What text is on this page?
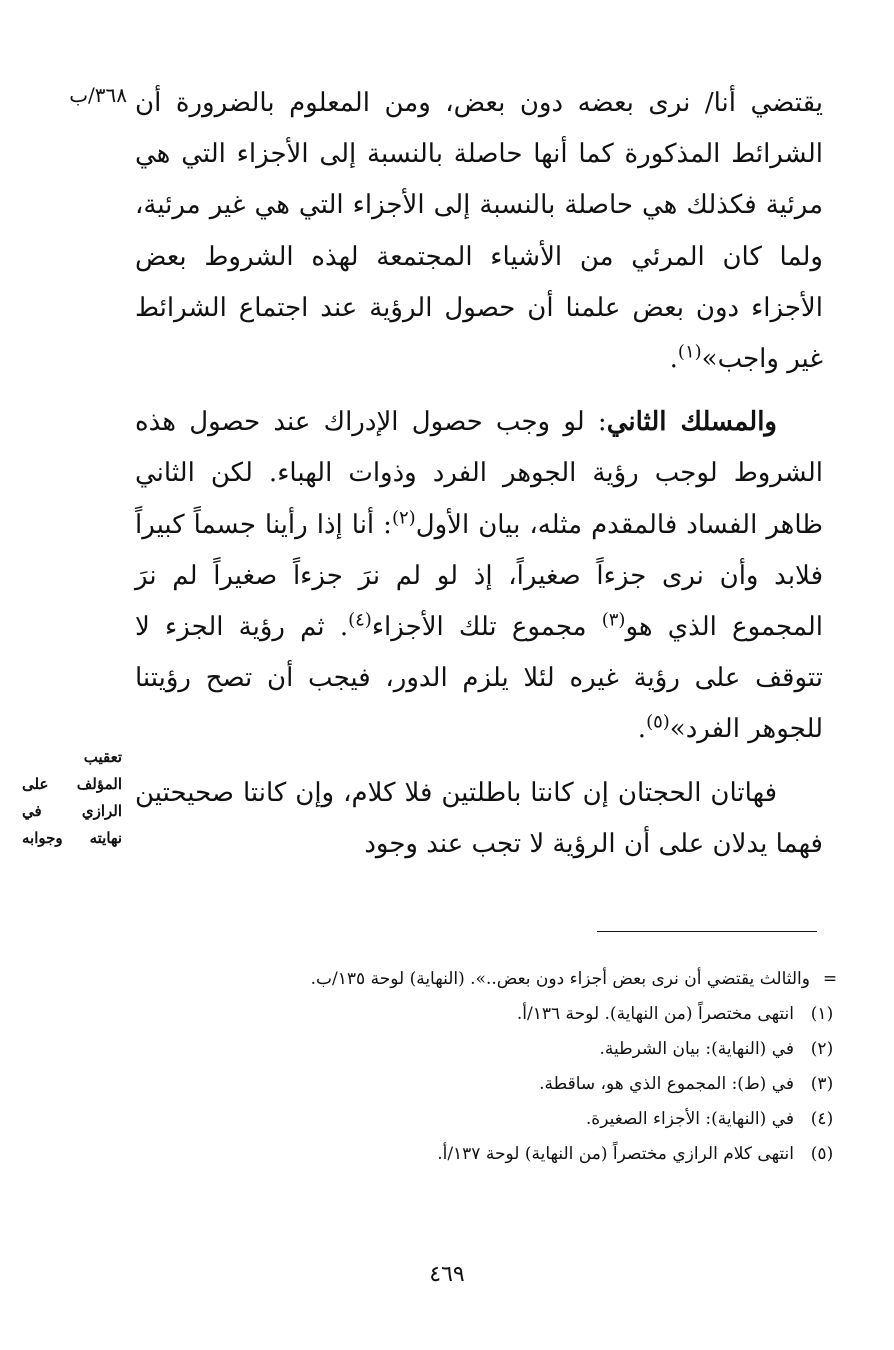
٣٦٨/ب يقتضي أنا/ نرى بعضه دون بعض، ومن المعلوم بالضرورة أن الشرائط المذكورة كما أنها حاصلة بالنسبة إلى الأجزاء التي هي مرئية فكذلك هي حاصلة بالنسبة إلى الأجزاء التي هي غير مرئية، ولما كان المرئي من الأشياء المجتمعة لهذه الشروط بعض الأجزاء دون بعض علمنا أن حصول الرؤية عند اجتماع الشرائط غير واجب»$^{(١)}$.

والمسلك الثاني: لو وجب حصول الإدراك عند حصول هذه الشروط لوجب رؤية الجوهر الفرد وذوات الهباء. لكن الثاني ظاهر الفساد فالمقدم مثله، بيان الأول$^{(٢)}$: أنا إذا رأينا جسماً كبيراً فلابد وأن نرى جزءاً صغيراً، إذ لو لم نرَ جزءاً صغيراً لم نرَ المجموع الذي هو$^{(٣)}$ مجموع تلك الأجزاء$^{(٤)}$. ثم رؤية الجزء لا تتوقف على رؤية غيره لئلا يلزم الدور، فيجب أن تصح رؤيتنا للجوهر الفرد»$^{(٥)}$.

فهاتان الحجتان إن كانتا باطلتين فلا كلام، وإن كانتا صحيحتين فهما يدلان على أن الرؤية لا تجب عند وجود

تعقيب
المؤلف على
الرازي في
نهايته وجوابه
=
والثالث يقتضي أن نرى بعض أجزاء دون بعض..». (النهاية) لوحة ١٣٥/ب.
(١)
انتهى مختصراً (من النهاية). لوحة ١٣٦/أ.
(٢)
في (النهاية): بيان الشرطية.
(٣)
في (ط): المجموع الذي هو، ساقطة.
(٤)
في (النهاية): الأجزاء الصغيرة.
(٥)
انتهى كلام الرازي مختصراً (من النهاية) لوحة ١٣٧/أ.
٤٦٩
